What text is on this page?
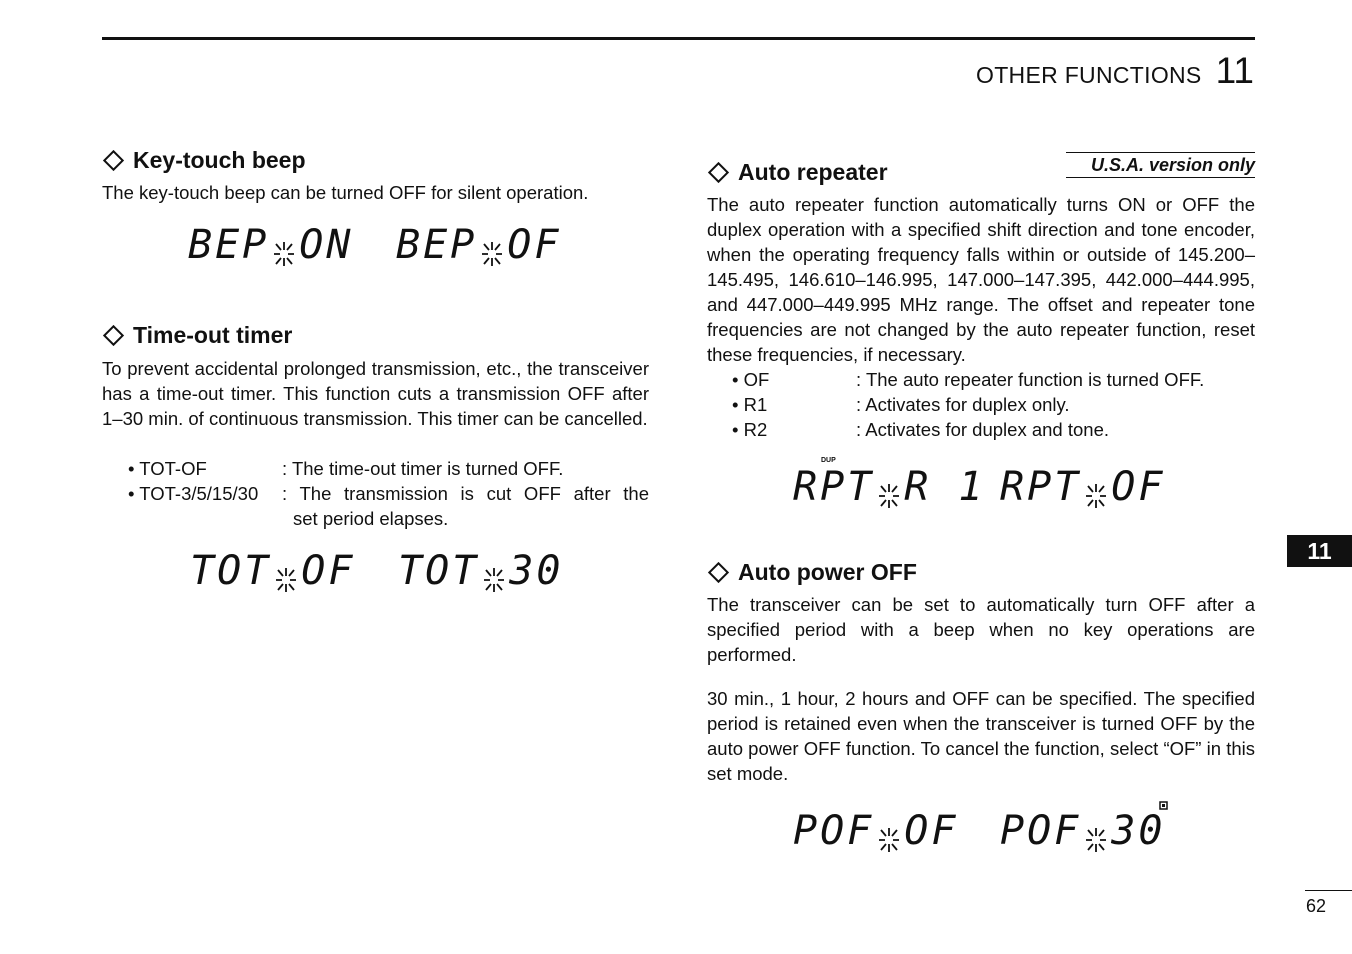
OTHER FUNCTIONS 11
Key-touch beep

The key-touch beep can be turned OFF for silent operation.

BEP ON BEP OF
Time-out timer

To prevent accidental prolonged transmission, etc., the transceiver has a time-out timer. This function cuts a transmission OFF after 1–30 min. of continuous transmission. This timer can be cancelled.

• TOT-OF	: The time-out timer is turned OFF.
• TOT-3/5/15/30	: The transmission is cut OFF after the
set period elapses.
TOT OF TOT 30
Auto repeater	U.S.A. version only

The auto repeater function automatically turns ON or OFF the duplex operation with a specified shift direction and tone encoder, when the operating frequency falls within or outside of 145.200–145.495, 146.610–146.995, 147.000–147.395, 442.000–444.995, and 447.000–449.995 MHz range. The offset and repeater tone frequencies are not changed by the auto repeater function, reset these frequencies, if necessary.

• OF	: The auto repeater function is turned OFF.
• R1	: Activates for duplex only.
• R2	: Activates for duplex and tone.
DUP
RPT R 1 RPT OF
Auto power OFF

The transceiver can be set to automatically turn OFF after a specified period with a beep when no key operations are performed.

30 min., 1 hour, 2 hours and OFF can be specified. The specified period is retained even when the transceiver is turned OFF by the auto power OFF function. To cancel the function, select “OF” in this set mode.

POF OF POF 30
11
62
